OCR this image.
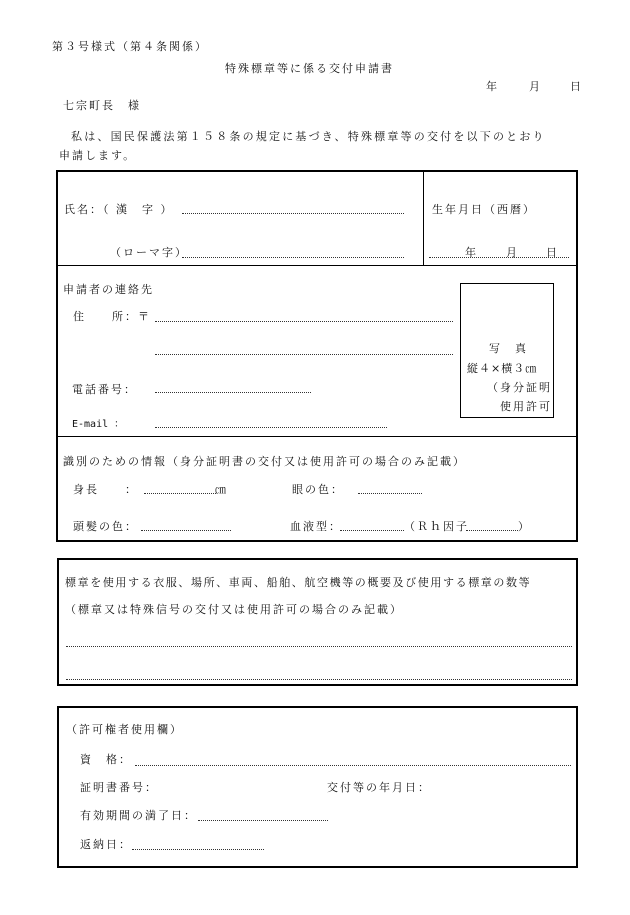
第３号様式（第４条関係）
特殊標章等に係る交付申請書
年	月	日
七宗町長　様
私は、国民保護法第１５８条の規定に基づき、特殊標章等の交付を以下のとおり
申請します。
氏名：（ 漢　字 ）
（ローマ字）
生年月日（西暦）
年	月	日
申請者の連絡先
住　　所：〒
電話番号：
E-mail ：
写　真
縦４×横３㎝
（身分証明
使用許可
識別のための情報（身分証明書の交付又は使用許可の場合のみ記載）
身長　　：	㎝	眼の色：
頭髪の色：	血液型：	（Ｒｈ因子	）
標章を使用する衣服、場所、車両、船舶、航空機等の概要及び使用する標章の数等
（標章又は特殊信号の交付又は使用許可の場合のみ記載）
（許可権者使用欄）
資　格：
証明書番号：	交付等の年月日：
有効期間の満了日：
返納日：
